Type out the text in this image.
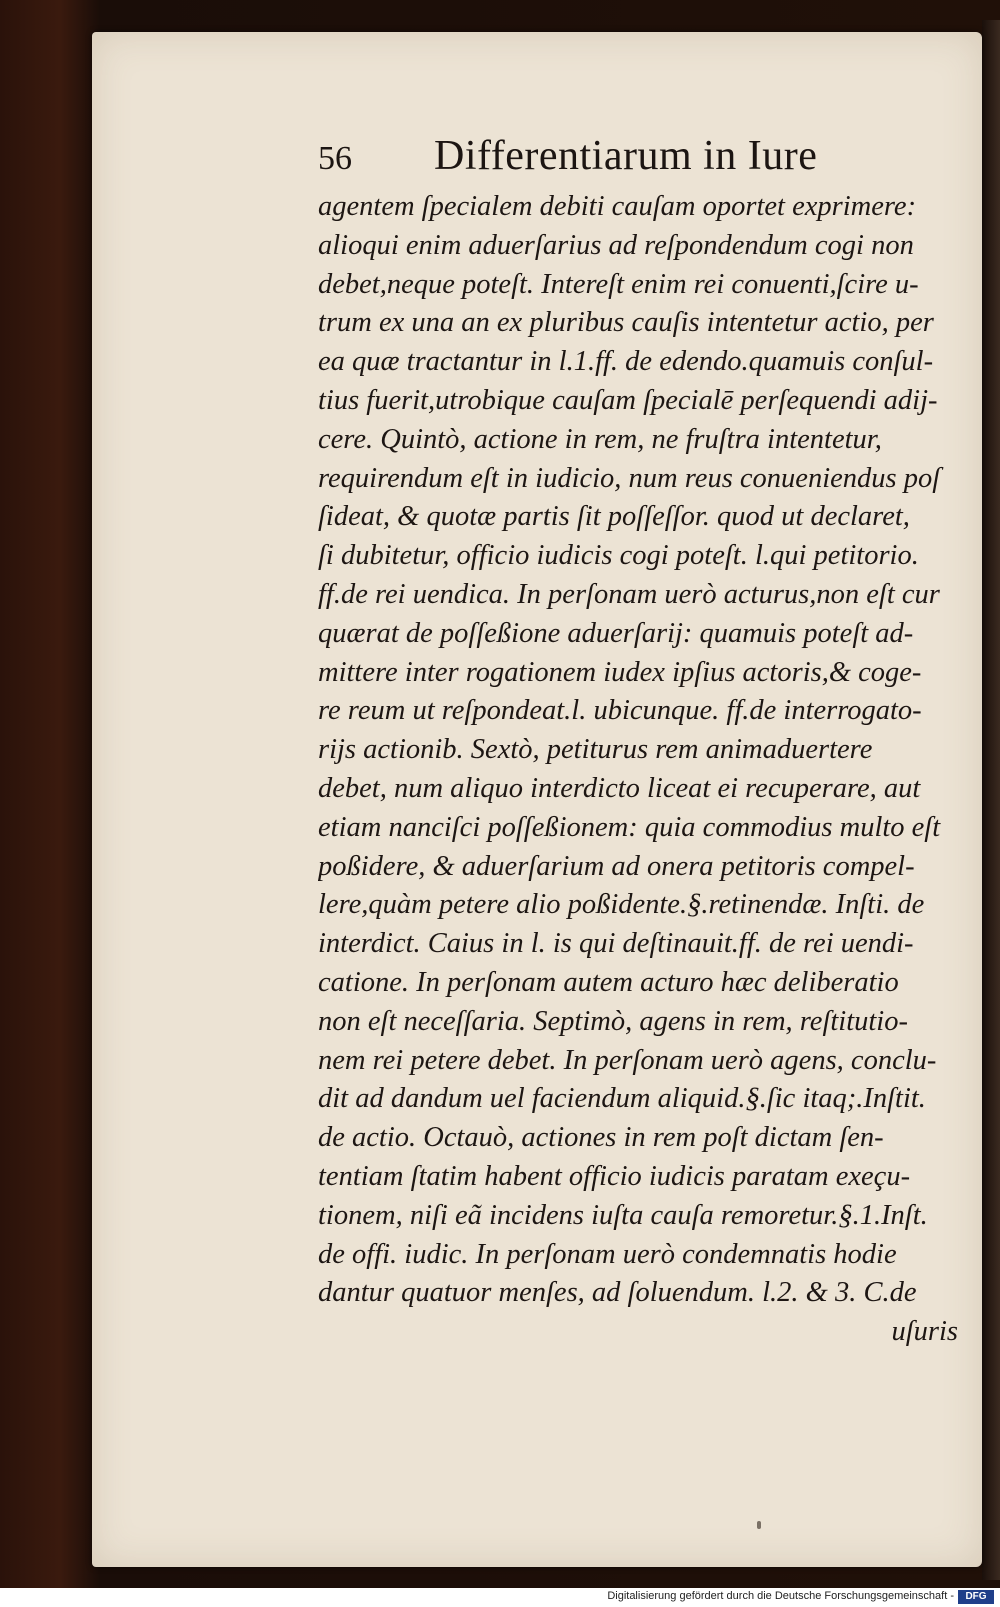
56 Differentiarum in Iure
agentem ſpecialem debiti cauſam oportet exprimere:
alioqui enim aduerſarius ad reſpondendum cogi non
debet,neque poteſt. Intereſt enim rei conuenti,ſcire u-
trum ex una an ex pluribus cauſis intentetur actio, per
ea quæ tractantur in l.1.ff. de edendo.quamuis conſul-
tius fuerit,utrobique cauſam ſpecialē perſequendi adij-
cere. Quintò, actione in rem, ne fruſtra intentetur,
requirendum eſt in iudicio, num reus conueniendus poſ
ſideat, & quotæ partis ſit poſſeſſor. quod ut declaret,
ſi dubitetur, officio iudicis cogi poteſt. l.qui petitorio.
ff.de rei uendica. In perſonam uerò acturus,non eſt cur
quærat de poſſeßione aduerſarij: quamuis poteſt ad-
mittere inter rogationem iudex ipſius actoris,& coge-
re reum ut reſpondeat.l. ubicunque. ff.de interrogato-
rijs actionib. Sextò, petiturus rem animaduertere
debet, num aliquo interdicto liceat ei recuperare, aut
etiam nanciſci poſſeßionem: quia commodius multo eſt
poßidere, & aduerſarium ad onera petitoris compel-
lere,quàm petere alio poßidente.§.retinendæ. Inſti. de
interdict. Caius in l. is qui deſtinauit.ff. de rei uendi-
catione. In perſonam autem acturo hæc deliberatio
non eſt neceſſaria. Septimò, agens in rem, reſtitutio-
nem rei petere debet. In perſonam uerò agens, conclu-
dit ad dandum uel faciendum aliquid.§.ſic itaq;.Inſtit.
de actio. Octauò, actiones in rem poſt dictam ſen-
tentiam ſtatim habent officio iudicis paratam exeçu-
tionem, niſi eã incidens iuſta cauſa remoretur.§.1.Inſt.
de offi. iudic. In perſonam uerò condemnatis hodie
dantur quatuor menſes, ad ſoluendum. l.2. & 3. C.de
uſuris
Digitalisierung gefördert durch die Deutsche Forschungsgemeinschaft -	DFG
